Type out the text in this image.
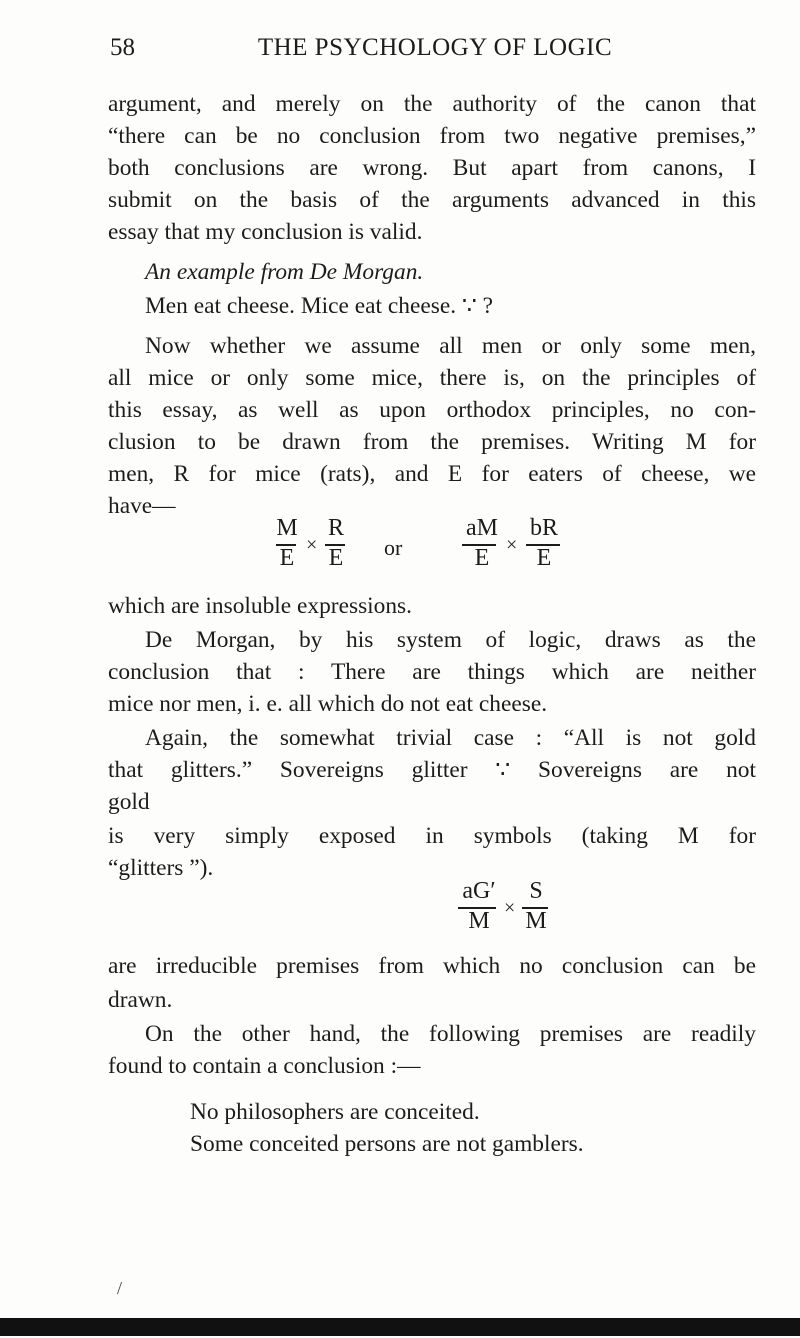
58	THE PSYCHOLOGY OF LOGIC
argument, and merely on the authority of the canon that
“there can be no conclusion from two negative premises,”
both conclusions are wrong. But apart from canons, I
submit on the basis of the arguments advanced in this
essay that my conclusion is valid.
An example from De Morgan.
Men eat cheese. Mice eat cheese. ∵ ?
Now whether we assume all men or only some men,
all mice or only some mice, there is, on the principles of
this essay, as well as upon orthodox principles, no con-
clusion to be drawn from the premises. Writing M for
men, R for mice (rats), and E for eaters of cheese, we
have—
M
E ×
R
E	or
aM
E ×
bR
E
which are insoluble expressions.
De Morgan, by his system of logic, draws as the
conclusion that : There are things which are neither
mice nor men, i. e. all which do not eat cheese.
Again, the somewhat trivial case : “All is not gold
that glitters.” Sovereigns glitter ∵ Sovereigns are not
gold
is very simply exposed in symbols (taking M for
“glitters ”).
aG′
M ×
S
M
are irreducible premises from which no conclusion can be
drawn.
On the other hand, the following premises are readily
found to contain a conclusion :—
No philosophers are conceited.
Some conceited persons are not gamblers.
/
